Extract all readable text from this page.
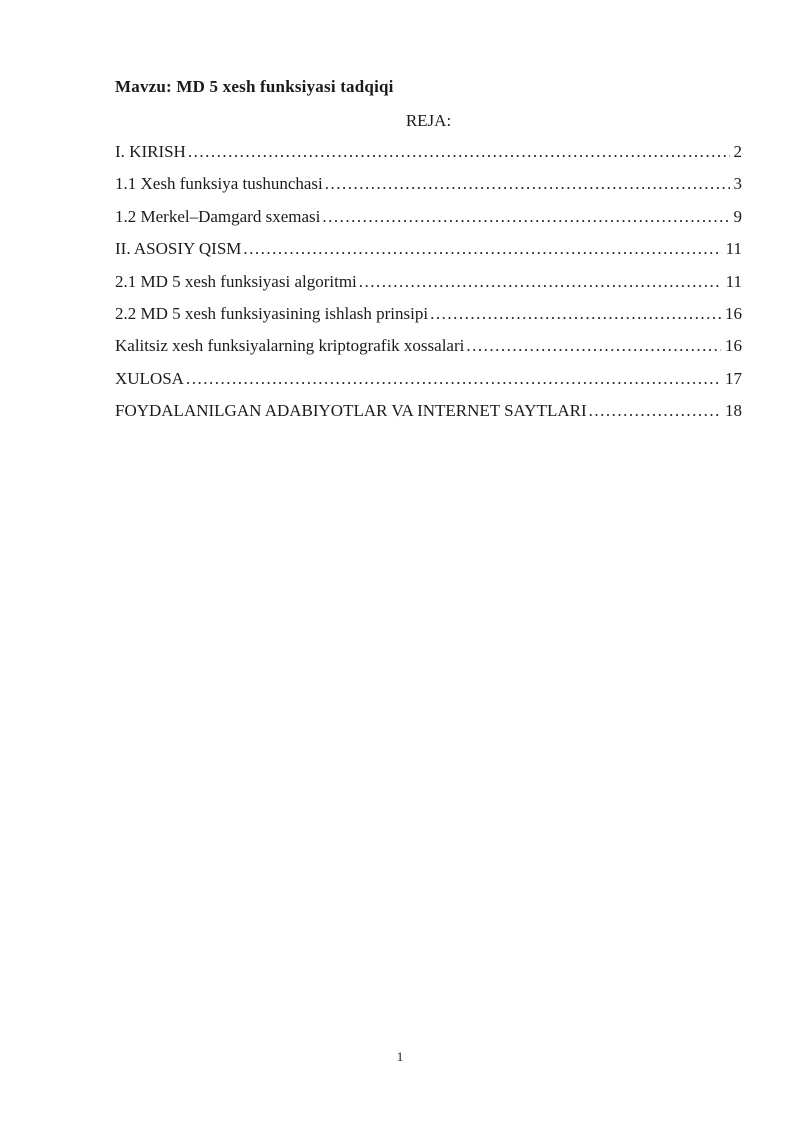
Mavzu: MD 5 xesh funksiyasi tadqiqi
REJA:
I. KIRISH .....	2
1.1 Xesh funksiya tushunchasi .....	3
1.2 Merkel–Damgard sxemasi .....	9
II. ASOSIY QISM .....	11
2.1 MD 5 xesh funksiyasi algoritmi .....	11
2.2 MD 5 xesh funksiyasining ishlash prinsipi .....	16
Kalitsiz xesh funksiyalarning kriptografik xossalari .....	16
XULOSA .....	17
FOYDALANILGAN ADABIYOTLAR VA INTERNET SAYTLARI .....	18
1
